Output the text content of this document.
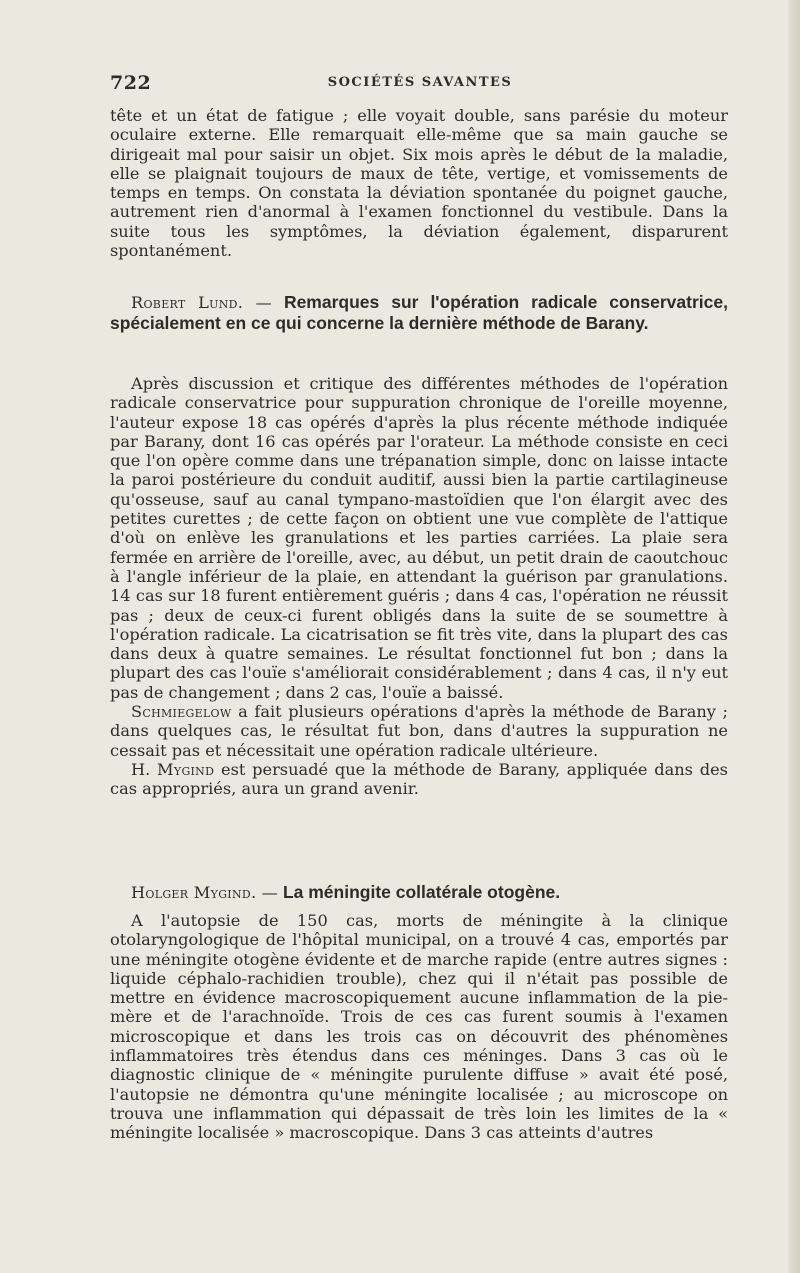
722	SOCIÉTÉS SAVANTES

tête et un état de fatigue ; elle voyait double, sans parésie du moteur oculaire externe. Elle remarquait elle-même que sa main gauche se dirigeait mal pour saisir un objet. Six mois après le début de la maladie, elle se plaignait toujours de maux de tête, vertige, et vomissements de temps en temps. On constata la déviation spontanée du poignet gauche, autrement rien d'anormal à l'examen fonctionnel du vestibule. Dans la suite tous les symptômes, la déviation également, disparurent spontanément.

Robert Lund. — Remarques sur l'opération radicale conservatrice, spécialement en ce qui concerne la dernière méthode de Barany.

Après discussion et critique des différentes méthodes de l'opération radicale conservatrice pour suppuration chronique de l'oreille moyenne, l'auteur expose 18 cas opérés d'après la plus récente méthode indiquée par Barany, dont 16 cas opérés par l'orateur. La méthode consiste en ceci que l'on opère comme dans une trépanation simple, donc on laisse intacte la paroi postérieure du conduit auditif, aussi bien la partie cartilagineuse qu'osseuse, sauf au canal tympano-mastoïdien que l'on élargit avec des petites curettes ; de cette façon on obtient une vue complète de l'attique d'où on enlève les granulations et les parties carriées. La plaie sera fermée en arrière de l'oreille, avec, au début, un petit drain de caoutchouc à l'angle inférieur de la plaie, en attendant la guérison par granulations. 14 cas sur 18 furent entièrement guéris ; dans 4 cas, l'opération ne réussit pas ; deux de ceux-ci furent obligés dans la suite de se soumettre à l'opération radicale. La cicatrisation se fit très vite, dans la plupart des cas dans deux à quatre semaines. Le résultat fonctionnel fut bon ; dans la plupart des cas l'ouïe s'améliorait considérablement ; dans 4 cas, il n'y eut pas de changement ; dans 2 cas, l'ouïe a baissé.

Schmiegelow a fait plusieurs opérations d'après la méthode de Barany ; dans quelques cas, le résultat fut bon, dans d'autres la suppuration ne cessait pas et nécessitait une opération radicale ultérieure.

H. Mygind est persuadé que la méthode de Barany, appliquée dans des cas appropriés, aura un grand avenir.

Holger Mygind. — La méningite collatérale otogène.

A l'autopsie de 150 cas, morts de méningite à la clinique otolaryngologique de l'hôpital municipal, on a trouvé 4 cas, emportés par une méningite otogène évidente et de marche rapide (entre autres signes : liquide céphalo-rachidien trouble), chez qui il n'était pas possible de mettre en évidence macroscopiquement aucune inflammation de la pie-mère et de l'arachnoïde. Trois de ces cas furent soumis à l'examen microscopique et dans les trois cas on découvrit des phénomènes inflammatoires très étendus dans ces méninges. Dans 3 cas où le diagnostic clinique de « méningite purulente diffuse » avait été posé, l'autopsie ne démontra qu'une méningite localisée ; au microscope on trouva une inflammation qui dépassait de très loin les limites de la « méningite localisée » macroscopique. Dans 3 cas atteints d'autres
